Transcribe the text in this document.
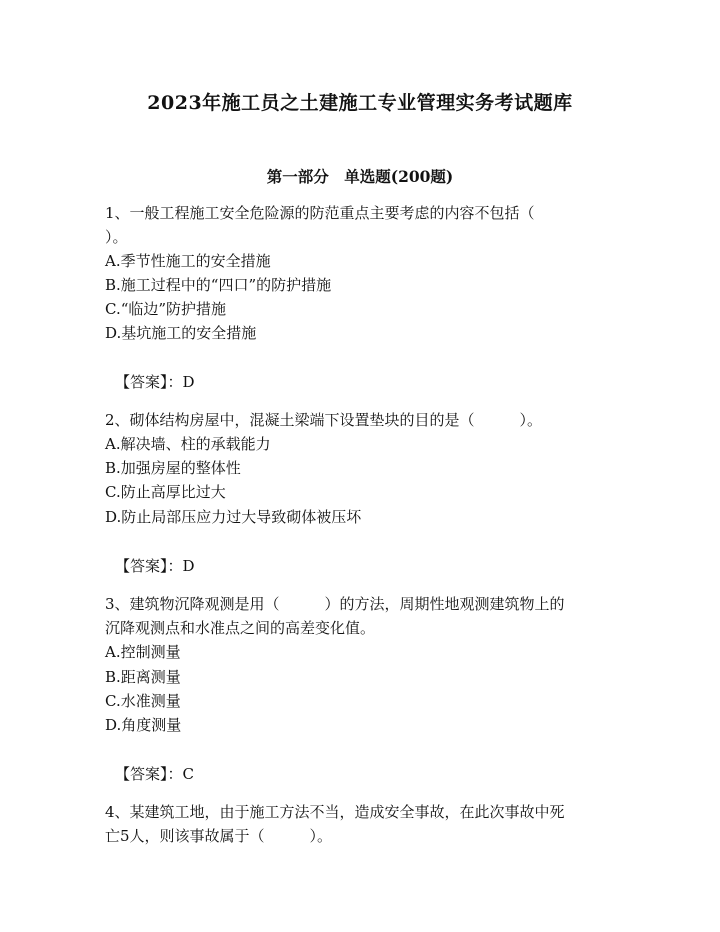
2023年施工员之土建施工专业管理实务考试题库
第一部分　单选题(200题)
1、一般工程施工安全危险源的防范重点主要考虑的内容不包括（
）。
A.季节性施工的安全措施
B.施工过程中的“四口”的防护措施
C.“临边”防护措施
D.基坑施工的安全措施
【答案】：D
2、砌体结构房屋中，混凝土梁端下设置垫块的目的是（　　　）。
A.解决墙、柱的承载能力
B.加强房屋的整体性
C.防止高厚比过大
D.防止局部压应力过大导致砌体被压坏
【答案】：D
3、建筑物沉降观测是用（　　　）的方法，周期性地观测建筑物上的
沉降观测点和水准点之间的高差变化值。
A.控制测量
B.距离测量
C.水准测量
D.角度测量
【答案】：C
4、某建筑工地，由于施工方法不当，造成安全事故，在此次事故中死
亡5人，则该事故属于（　　　）。
